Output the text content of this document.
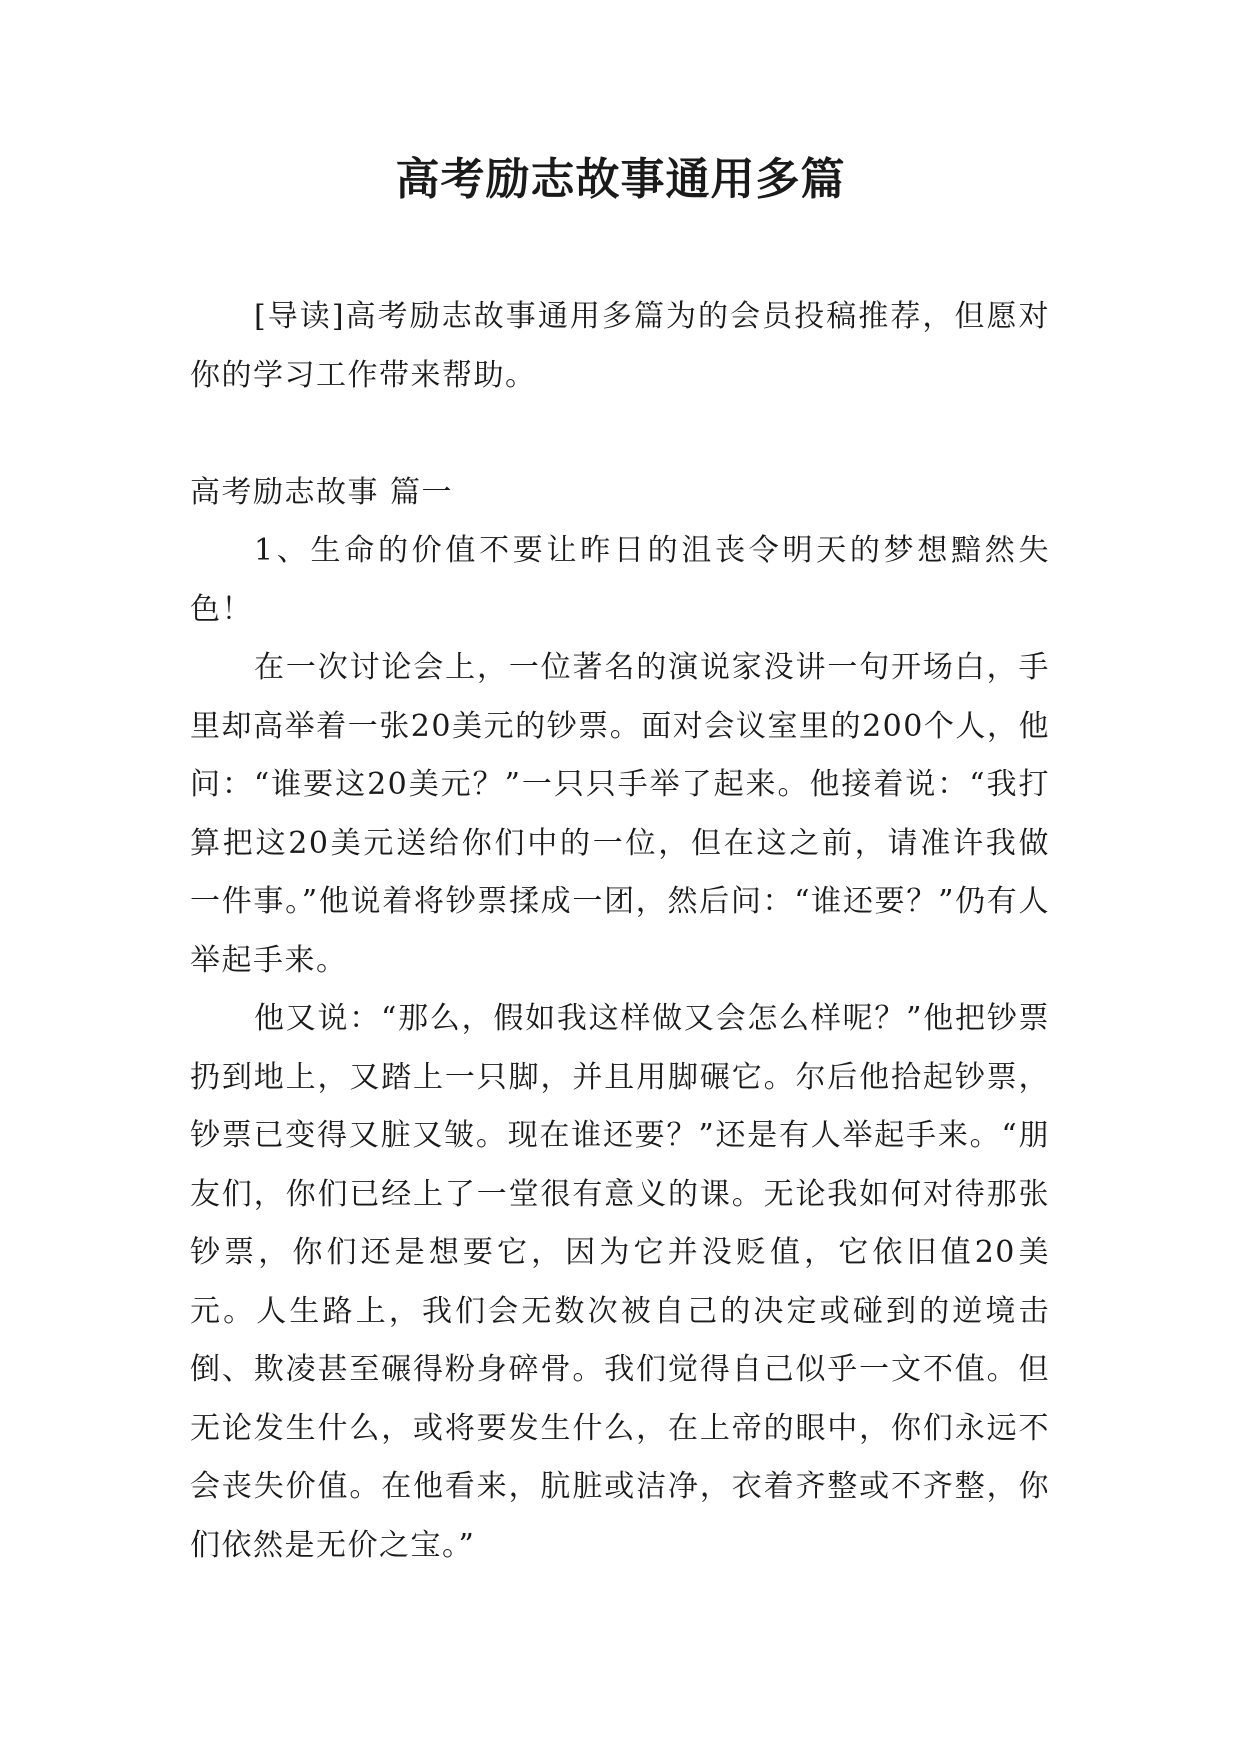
高考励志故事通用多篇

[导读]高考励志故事通用多篇为的会员投稿推荐，但愿对你的学习工作带来帮助。

高考励志故事 篇一

1、生命的价值不要让昨日的沮丧令明天的梦想黯然失色！

在一次讨论会上，一位著名的演说家没讲一句开场白，手里却高举着一张20美元的钞票。面对会议室里的200个人，他问：“谁要这20美元？”一只只手举了起来。他接着说：“我打算把这20美元送给你们中的一位，但在这之前，请准许我做一件事。”他说着将钞票揉成一团，然后问：“谁还要？”仍有人举起手来。

他又说：“那么，假如我这样做又会怎么样呢？”他把钞票扔到地上，又踏上一只脚，并且用脚碾它。尔后他拾起钞票，钞票已变得又脏又皱。现在谁还要？”还是有人举起手来。“朋友们，你们已经上了一堂很有意义的课。无论我如何对待那张钞票，你们还是想要它，因为它并没贬值，它依旧值20美元。人生路上，我们会无数次被自己的决定或碰到的逆境击倒、欺凌甚至碾得粉身碎骨。我们觉得自己似乎一文不值。但无论发生什么，或将要发生什么，在上帝的眼中，你们永远不会丧失价值。在他看来，肮脏或洁净，衣着齐整或不齐整，你们依然是无价之宝。”
